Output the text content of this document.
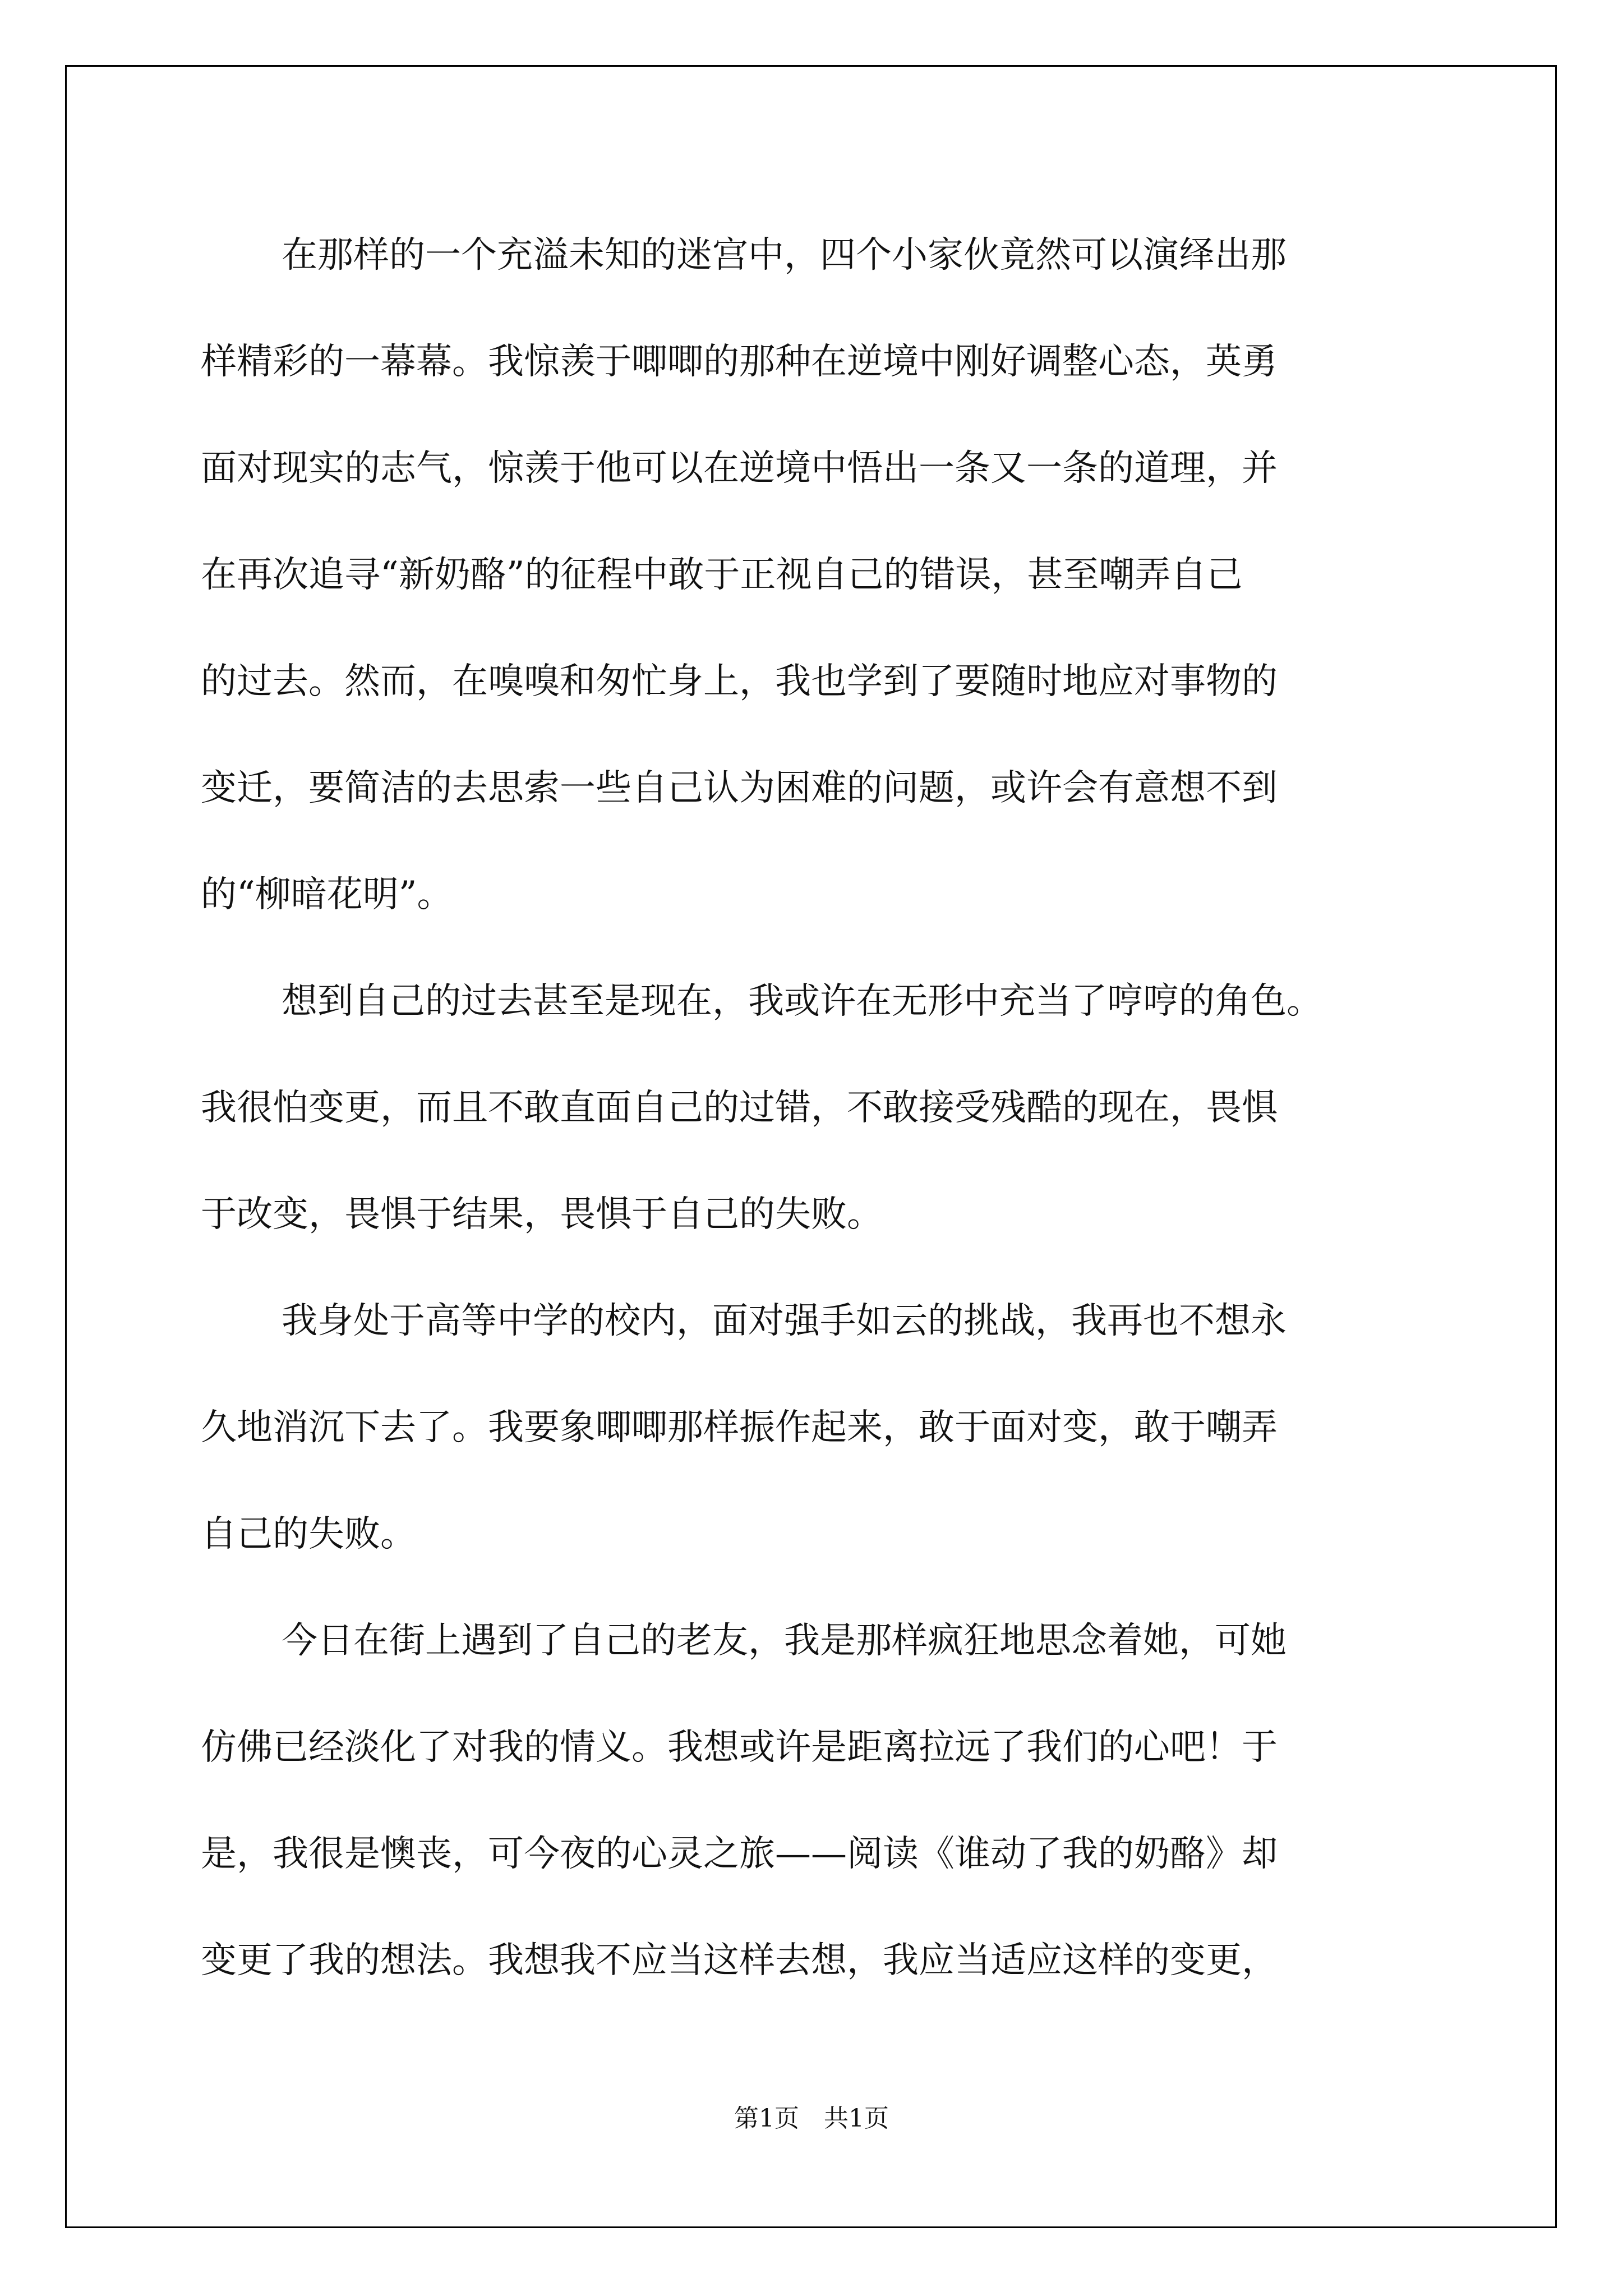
在那样的一个充溢未知的迷宫中，四个小家伙竟然可以演绎出那
样精彩的一幕幕。我惊羡于唧唧的那种在逆境中刚好调整心态，英勇
面对现实的志气，惊羡于他可以在逆境中悟出一条又一条的道理，并
在再次追寻“新奶酪”的征程中敢于正视自己的错误，甚至嘲弄自己
的过去。然而，在嗅嗅和匆忙身上，我也学到了要随时地应对事物的
变迁，要简洁的去思索一些自己认为困难的问题，或许会有意想不到
的“柳暗花明”。
想到自己的过去甚至是现在，我或许在无形中充当了哼哼的角色。
我很怕变更，而且不敢直面自己的过错，不敢接受残酷的现在，畏惧
于改变，畏惧于结果，畏惧于自己的失败。
我身处于高等中学的校内，面对强手如云的挑战，我再也不想永
久地消沉下去了。我要象唧唧那样振作起来，敢于面对变，敢于嘲弄
自己的失败。
今日在街上遇到了自己的老友，我是那样疯狂地思念着她，可她
仿佛已经淡化了对我的情义。我想或许是距离拉远了我们的心吧！于
是，我很是懊丧，可今夜的心灵之旅——阅读《谁动了我的奶酪》却
变更了我的想法。我想我不应当这样去想，我应当适应这样的变更，
第1页　共1页
